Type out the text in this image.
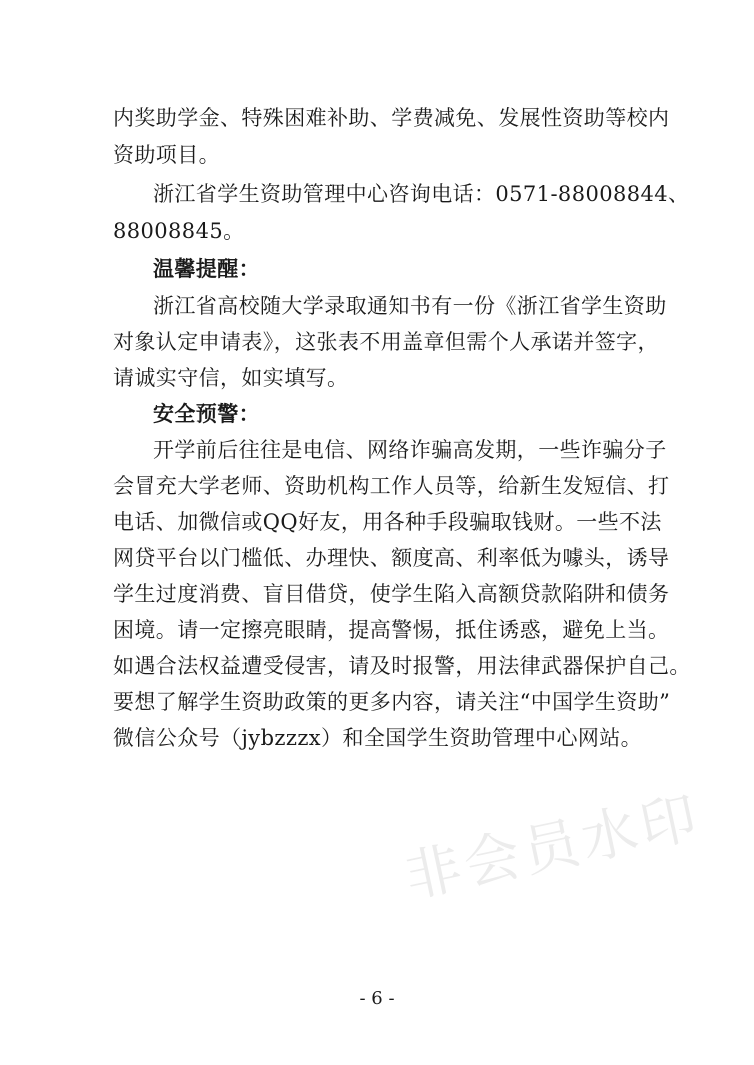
非会员水印
内奖助学金、特殊困难补助、学费减免、发展性资助等校内
资助项目。
浙江省学生资助管理中心咨询电话：0571-88008844、
88008845。
温馨提醒：
浙江省高校随大学录取通知书有一份《浙江省学生资助
对象认定申请表》，这张表不用盖章但需个人承诺并签字，
请诚实守信，如实填写。
安全预警：
开学前后往往是电信、网络诈骗高发期，一些诈骗分子
会冒充大学老师、资助机构工作人员等，给新生发短信、打
电话、加微信或QQ好友，用各种手段骗取钱财。一些不法
网贷平台以门槛低、办理快、额度高、利率低为噱头，诱导
学生过度消费、盲目借贷，使学生陷入高额贷款陷阱和债务
困境。请一定擦亮眼睛，提高警惕，抵住诱惑，避免上当。
如遇合法权益遭受侵害，请及时报警，用法律武器保护自己。
要想了解学生资助政策的更多内容，请关注“中国学生资助”
微信公众号（jybzzzx）和全国学生资助管理中心网站。
- 6 -
